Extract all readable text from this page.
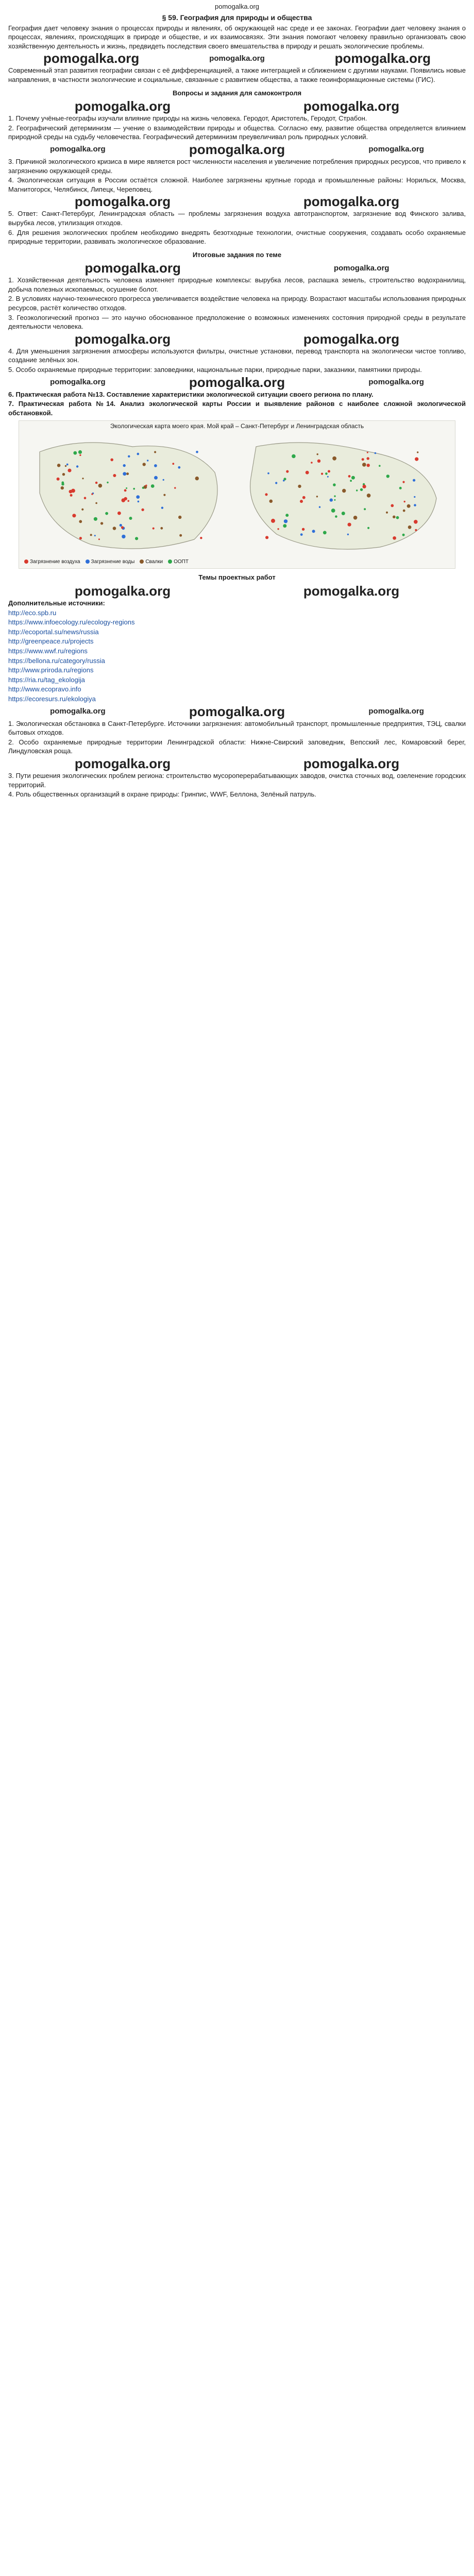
pomogalka.org
§ 59. География для природы и общества

География дает человеку знания о процессах природы и явлениях, об окружающей нас среде и ее законах. Географии дает человеку знания о процессах, явлениях, происходящих в природе и обществе, и их взаимосвязях. Эти знания помогают человеку правильно организовать свою хозяйственную деятельность и жизнь, предвидеть последствия своего вмешательства в природу и решать экологические проблемы.

pomogalka.org	pomogalka.org	pomogalka.org

Современный этап развития географии связан с её дифференциацией, а также интеграцией и сближением с другими науками. Появились новые направления, в частности экологические и социальные, связанные с развитием общества, а также геоинформационные системы (ГИС).

Вопросы и задания для самоконтроля
pomogalka.org	pomogalka.org

1. Почему учёные-географы изучали влияние природы на жизнь человека. Геродот, Аристотель, Геродот, Страбон.

2. Географический детерминизм — учение о взаимодействии природы и общества. Согласно ему, развитие общества определяется влиянием природной среды на судьбу человечества. Географический детерминизм преувеличивал роль природных условий.

pomogalka.org	pomogalka.org	pomogalka.org

3. Причиной экологического кризиса в мире является рост численности населения и увеличение потребления природных ресурсов, что привело к загрязнению окружающей среды.

4. Экологическая ситуация в России остаётся сложной. Наиболее загрязнены крупные города и промышленные районы: Норильск, Москва, Магнитогорск, Челябинск, Липецк, Череповец.

pomogalka.org	pomogalka.org

5. Ответ: Санкт-Петербург, Ленинградская область — проблемы загрязнения воздуха автотранспортом, загрязнение вод Финского залива, вырубка лесов, утилизация отходов.

6. Для решения экологических проблем необходимо внедрять безотходные технологии, очистные сооружения, создавать особо охраняемые природные территории, развивать экологическое образование.

Итоговые задания по теме
pomogalka.org	pomogalka.org

1. Хозяйственная деятельность человека изменяет природные комплексы: вырубка лесов, распашка земель, строительство водохранилищ, добыча полезных ископаемых, осушение болот.

2. В условиях научно-технического прогресса увеличивается воздействие человека на природу. Возрастают масштабы использования природных ресурсов, растёт количество отходов.

3. Геоэкологический прогноз — это научно обоснованное предположение о возможных изменениях состояния природной среды в результате деятельности человека.

pomogalka.org	pomogalka.org

4. Для уменьшения загрязнения атмосферы используются фильтры, очистные установки, перевод транспорта на экологически чистое топливо, создание зелёных зон.

5. Особо охраняемые природные территории: заповедники, национальные парки, природные парки, заказники, памятники природы.

pomogalka.org	pomogalka.org	pomogalka.org

6. Практическая работа №13. Составление характеристики экологической ситуации своего региона по плану.

7. Практическая работа №14. Анализ экологической карты России и выявление районов с наиболее сложной экологической обстановкой.

Экологическая карта моего края. Мой край – Санкт-Петербург и Ленинградская область
Загрязнение воздуха	Загрязнение воды	Свалки	ООПТ
Темы проектных работ
pomogalka.org	pomogalka.org

Дополнительные источники:

http://eco.spb.ru

https://www.infoecology.ru/ecology-regions

http://ecoportal.su/news/russia

http://greenpeace.ru/projects

https://www.wwf.ru/regions

https://bellona.ru/category/russia

http://www.priroda.ru/regions

https://ria.ru/tag_ekologija

http://www.ecopravo.info

https://ecoresurs.ru/ekologiya

pomogalka.org	pomogalka.org	pomogalka.org

1. Экологическая обстановка в Санкт-Петербурге. Источники загрязнения: автомобильный транспорт, промышленные предприятия, ТЭЦ, свалки бытовых отходов.

2. Особо охраняемые природные территории Ленинградской области: Нижне-Свирский заповедник, Вепсский лес, Комаровский берег, Линдуловская роща.

pomogalka.org	pomogalka.org

3. Пути решения экологических проблем региона: строительство мусороперерабатывающих заводов, очистка сточных вод, озеленение городских территорий.

4. Роль общественных организаций в охране природы: Гринпис, WWF, Беллона, Зелёный патруль.
